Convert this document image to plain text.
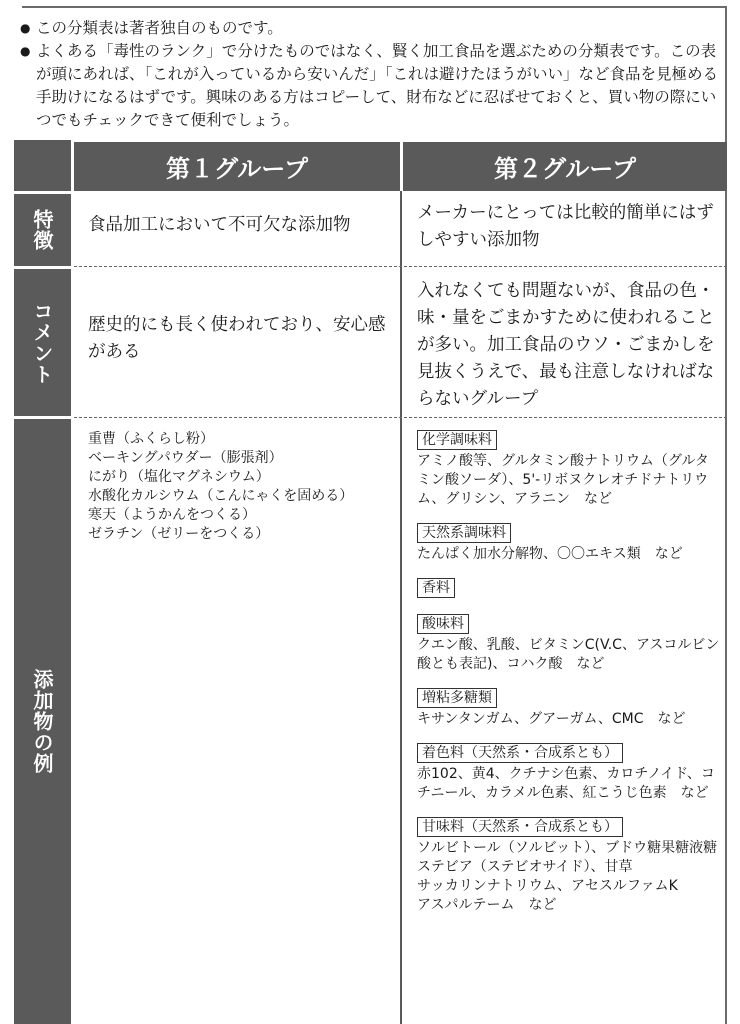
● この分類表は著者独自のものです。
● よくある「毒性のランク」で分けたものではなく、賢く加工食品を選ぶための分類表です。この表が頭にあれば、「これが入っているから安いんだ」「これは避けたほうがいい」など食品を見極める手助けになるはずです。興味のある方はコピーして、財布などに忍ばせておくと、買い物の際にいつでもチェックできて便利でしょう。
第１グループ	第２グループ
特徴
コメント
添加物の例
食品加工において不可欠な添加物
メーカーにとっては比較的簡単にはずしやすい添加物
歴史的にも長く使われており、安心感がある
入れなくても問題ないが、食品の色・味・量をごまかすために使われることが多い。加工食品のウソ・ごまかしを見抜くうえで、最も注意しなければならないグループ
重曹（ふくらし粉）
ベーキングパウダー（膨張剤）
にがり（塩化マグネシウム）
水酸化カルシウム（こんにゃくを固める）
寒天（ようかんをつくる）
ゼラチン（ゼリーをつくる）
化学調味料
アミノ酸等、グルタミン酸ナトリウム（グルタミン酸ソーダ）、5'-リボヌクレオチドナトリウム、グリシン、アラニン　など
天然系調味料
たんぱく加水分解物、〇〇エキス類　など
香料
酸味料
クエン酸、乳酸、ビタミンC(V.C、アスコルビン酸とも表記)、コハク酸　など
増粘多糖類
キサンタンガム、グアーガム、CMC　など
着色料（天然系・合成系とも）
赤102、黄4、クチナシ色素、カロチノイド、コチニール、カラメル色素、紅こうじ色素　など
甘味料（天然系・合成系とも）
ソルビトール（ソルビット）、ブドウ糖果糖液糖
ステビア（ステビオサイド）、甘草
サッカリンナトリウム、アセスルファムK
アスパルテーム　など
